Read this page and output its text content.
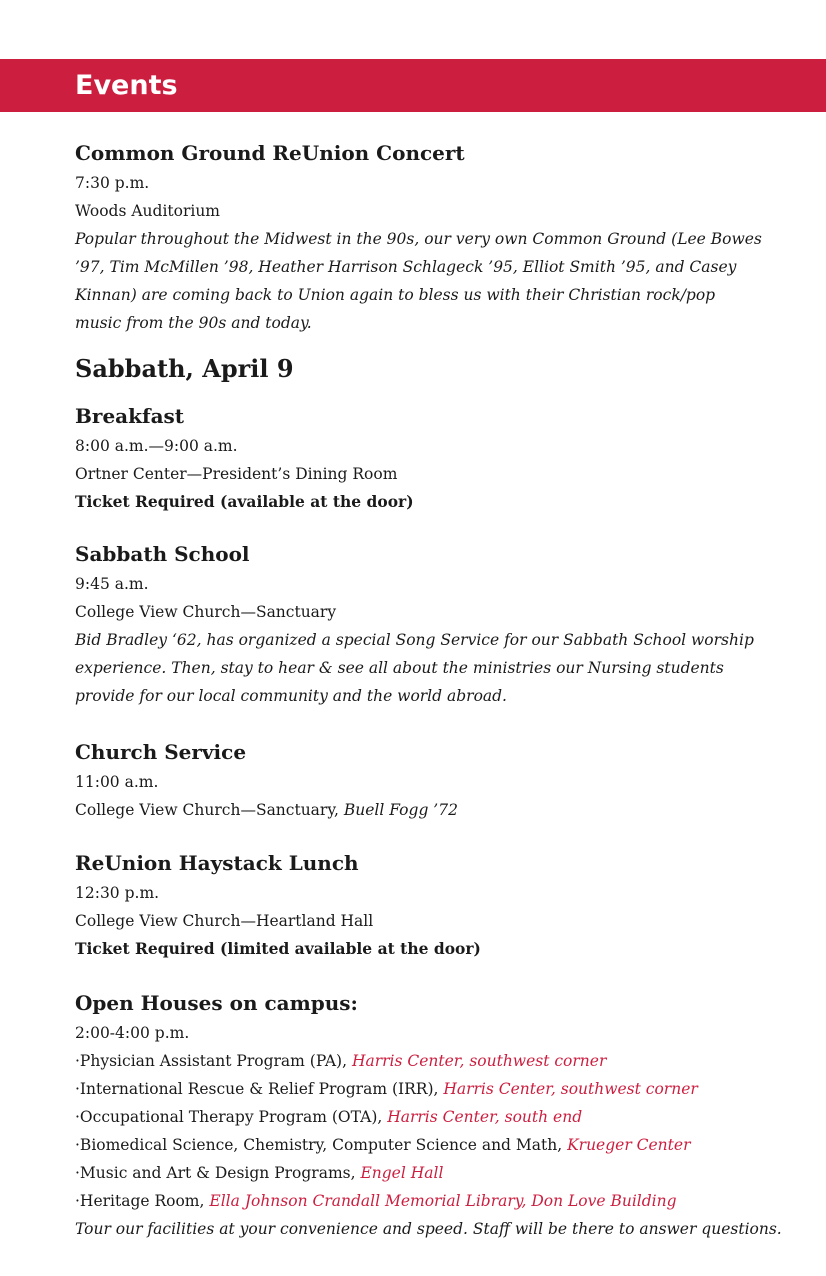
Events
Common Ground ReUnion Concert
7:30 p.m.
Woods Auditorium
Popular throughout the Midwest in the 90s, our very own Common Ground (Lee Bowes ’97, Tim McMillen ’98, Heather Harrison Schlageck ’95, Elliot Smith ’95, and Casey Kinnan) are coming back to Union again to bless us with their Christian rock/pop music from the 90s and today.
Sabbath, April 9
Breakfast
8:00 a.m.—9:00 a.m.
Ortner Center—President’s Dining Room
Ticket Required (available at the door)
Sabbath School
9:45 a.m.
College View Church—Sanctuary
Bid Bradley ‘62, has organized a special Song Service for our Sabbath School worship experience. Then, stay to hear & see all about the ministries our Nursing students provide for our local community and the world abroad.
Church Service
11:00 a.m.
College View Church—Sanctuary, Buell Fogg ’72
ReUnion Haystack Lunch
12:30 p.m.
College View Church—Heartland Hall
Ticket Required (limited available at the door)
Open Houses on campus:
2:00-4:00 p.m.
·Physician Assistant Program (PA), Harris Center, southwest corner
·International Rescue & Relief Program (IRR), Harris Center, southwest corner
·Occupational Therapy Program (OTA), Harris Center, south end
·Biomedical Science, Chemistry, Computer Science and Math, Krueger Center
·Music and Art & Design Programs, Engel Hall
·Heritage Room, Ella Johnson Crandall Memorial Library, Don Love Building
Tour our facilities at your convenience and speed. Staff will be there to answer questions.
